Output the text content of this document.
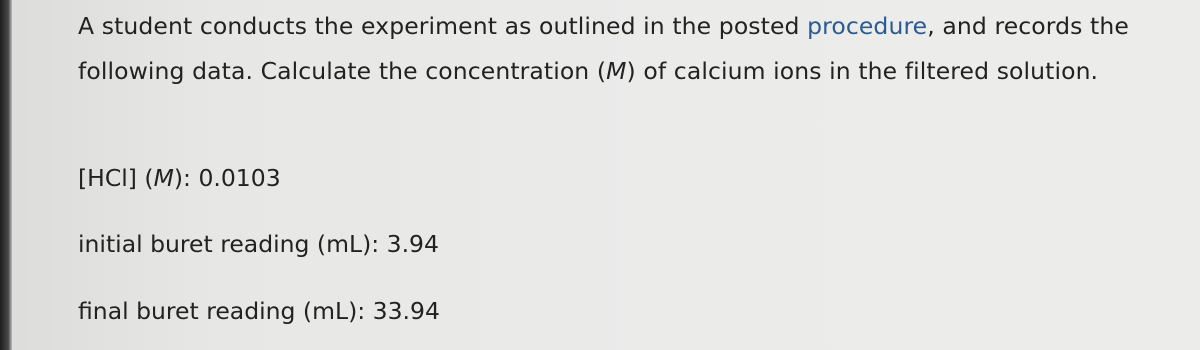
A student conducts the experiment as outlined in the posted procedure, and records the following data. Calculate the concentration (M) of calcium ions in the filtered solution.

[HCl] (M): 0.0103

initial buret reading (mL): 3.94

final buret reading (mL): 33.94
